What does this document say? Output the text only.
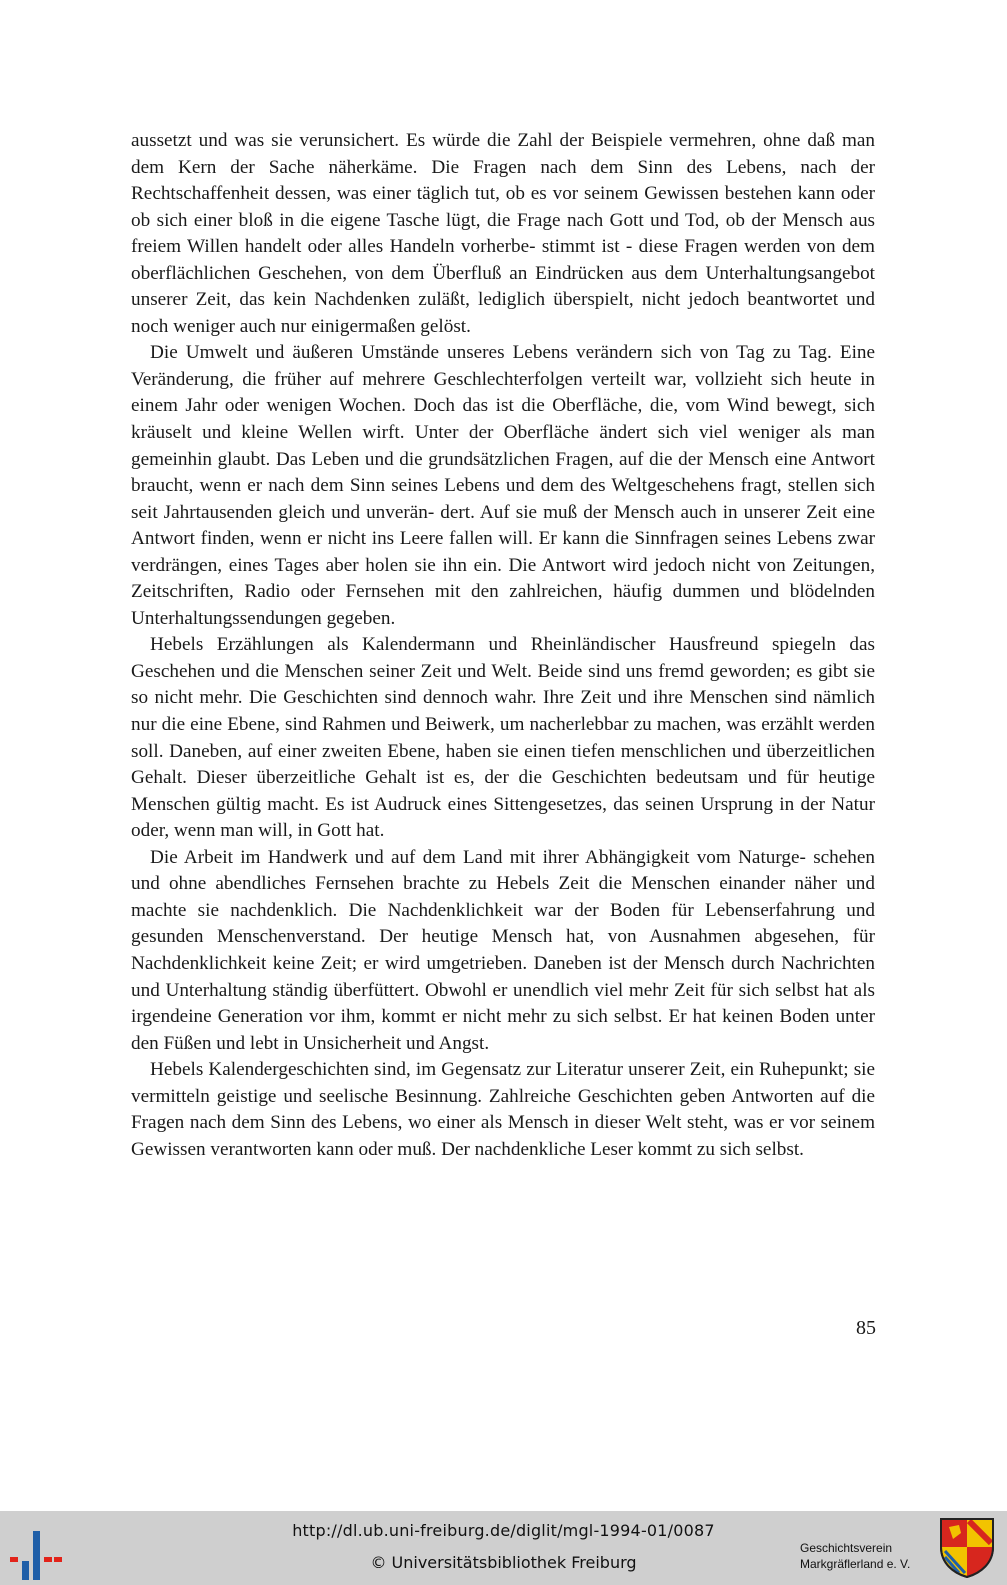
aussetzt und was sie verunsichert. Es würde die Zahl der Beispiele vermehren, ohne daß man dem Kern der Sache näherkäme. Die Fragen nach dem Sinn des Lebens, nach der Rechtschaffenheit dessen, was einer täglich tut, ob es vor seinem Gewissen bestehen kann oder ob sich einer bloß in die eigene Tasche lügt, die Frage nach Gott und Tod, ob der Mensch aus freiem Willen handelt oder alles Handeln vorherbe- stimmt ist - diese Fragen werden von dem oberflächlichen Geschehen, von dem Überfluß an Eindrücken aus dem Unterhaltungsangebot unserer Zeit, das kein Nachdenken zuläßt, lediglich überspielt, nicht jedoch beantwortet und noch weniger auch nur einigermaßen gelöst.
Die Umwelt und äußeren Umstände unseres Lebens verändern sich von Tag zu Tag. Eine Veränderung, die früher auf mehrere Geschlechterfolgen verteilt war, vollzieht sich heute in einem Jahr oder wenigen Wochen. Doch das ist die Oberfläche, die, vom Wind bewegt, sich kräuselt und kleine Wellen wirft. Unter der Oberfläche ändert sich viel weniger als man gemeinhin glaubt. Das Leben und die grundsätzlichen Fragen, auf die der Mensch eine Antwort braucht, wenn er nach dem Sinn seines Lebens und dem des Weltgeschehens fragt, stellen sich seit Jahrtausenden gleich und unverän- dert. Auf sie muß der Mensch auch in unserer Zeit eine Antwort finden, wenn er nicht ins Leere fallen will. Er kann die Sinnfragen seines Lebens zwar verdrängen, eines Tages aber holen sie ihn ein. Die Antwort wird jedoch nicht von Zeitungen, Zeitschriften, Radio oder Fernsehen mit den zahlreichen, häufig dummen und blödelnden Unterhaltungssendungen gegeben.
Hebels Erzählungen als Kalendermann und Rheinländischer Hausfreund spiegeln das Geschehen und die Menschen seiner Zeit und Welt. Beide sind uns fremd geworden; es gibt sie so nicht mehr. Die Geschichten sind dennoch wahr. Ihre Zeit und ihre Menschen sind nämlich nur die eine Ebene, sind Rahmen und Beiwerk, um nacherlebbar zu machen, was erzählt werden soll. Daneben, auf einer zweiten Ebene, haben sie einen tiefen menschlichen und überzeitlichen Gehalt. Dieser überzeitliche Gehalt ist es, der die Geschichten bedeutsam und für heutige Menschen gültig macht. Es ist Audruck eines Sittengesetzes, das seinen Ursprung in der Natur oder, wenn man will, in Gott hat.
Die Arbeit im Handwerk und auf dem Land mit ihrer Abhängigkeit vom Naturge- schehen und ohne abendliches Fernsehen brachte zu Hebels Zeit die Menschen einander näher und machte sie nachdenklich. Die Nachdenklichkeit war der Boden für Lebenserfahrung und gesunden Menschenverstand. Der heutige Mensch hat, von Ausnahmen abgesehen, für Nachdenklichkeit keine Zeit; er wird umgetrieben. Daneben ist der Mensch durch Nachrichten und Unterhaltung ständig überfüttert. Obwohl er unendlich viel mehr Zeit für sich selbst hat als irgendeine Generation vor ihm, kommt er nicht mehr zu sich selbst. Er hat keinen Boden unter den Füßen und lebt in Unsicherheit und Angst.
Hebels Kalendergeschichten sind, im Gegensatz zur Literatur unserer Zeit, ein Ruhepunkt; sie vermitteln geistige und seelische Besinnung. Zahlreiche Geschichten geben Antworten auf die Fragen nach dem Sinn des Lebens, wo einer als Mensch in dieser Welt steht, was er vor seinem Gewissen verantworten kann oder muß. Der nachdenkliche Leser kommt zu sich selbst.
85
http://dl.ub.uni-freiburg.de/diglit/mgl-1994-01/0087
© Universitätsbibliothek Freiburg
Geschichtsverein
Markgräflerland e. V.
